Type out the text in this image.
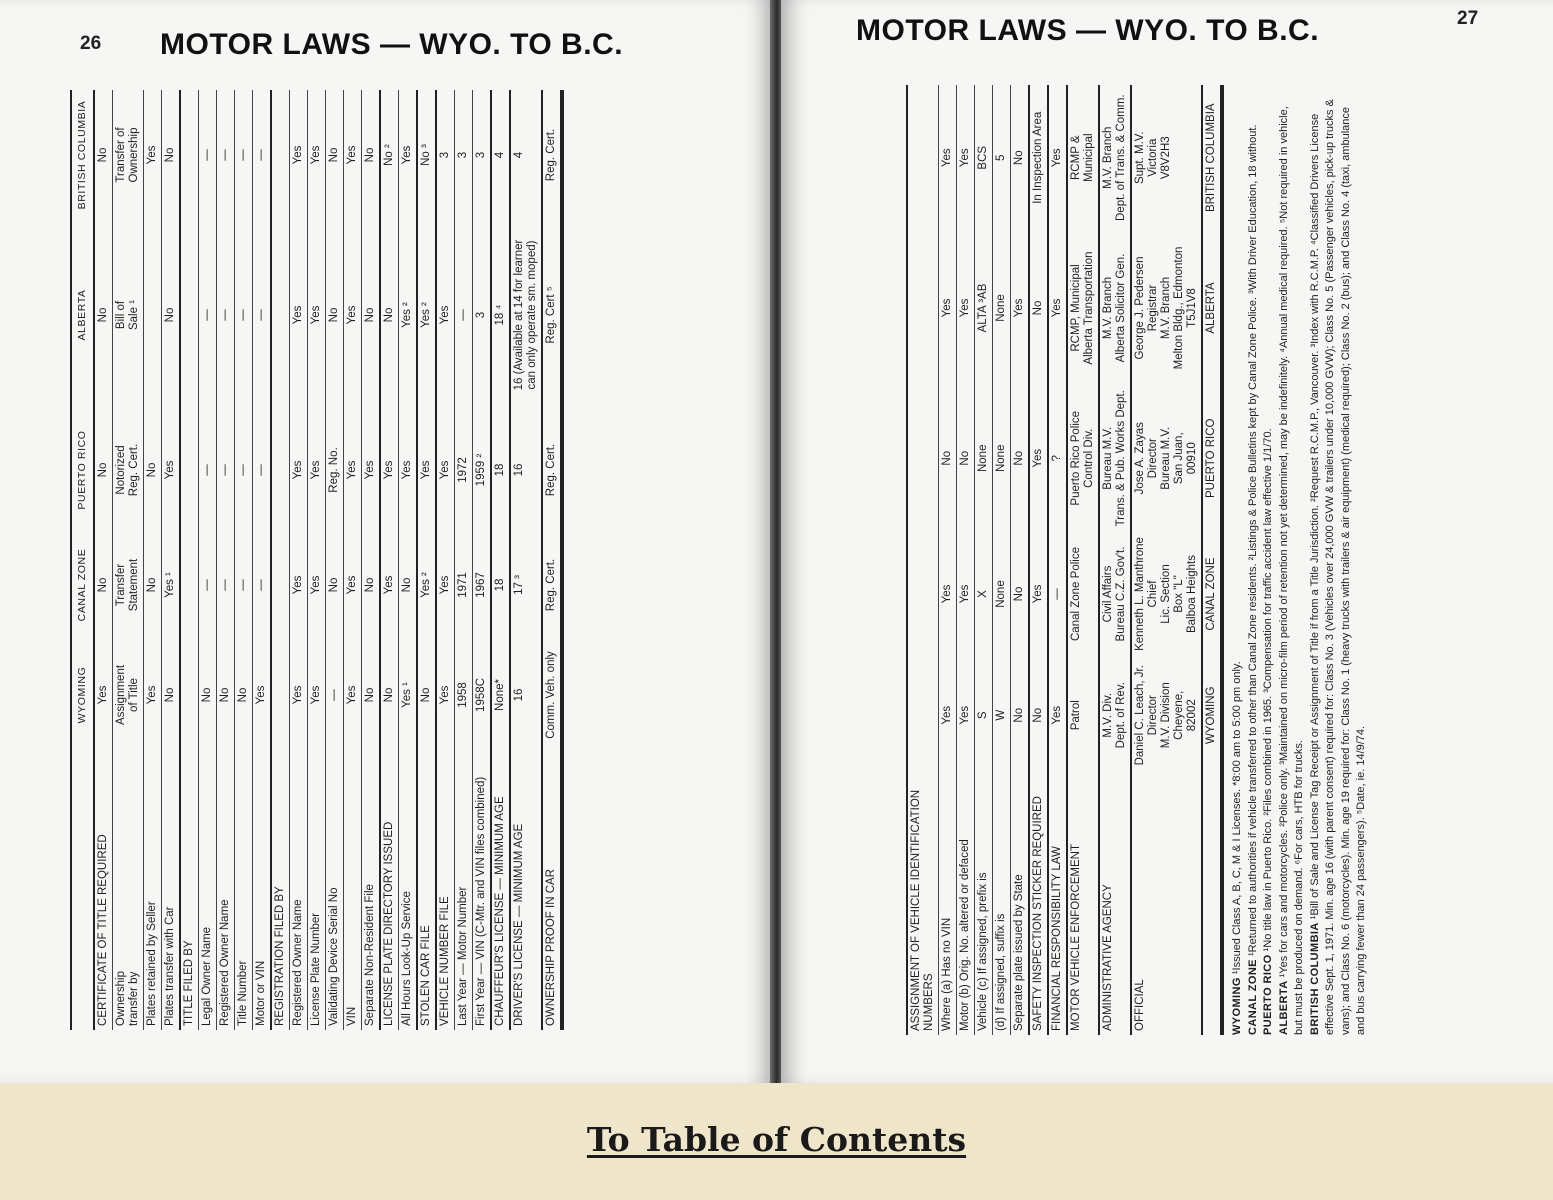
26 MOTOR LAWS — WYO. TO B.C.
WYOMING
CANAL ZONE
PUERTO RICO
ALBERTA
BRITISH COLUMBIA
CERTIFICATE OF TITLE REQUIRED
Yes
No
No
No
No
Ownership
transfer by
Assignment
of Title
Transfer
Statement
Notorized
Reg. Cert.
Bill of
Sale ¹
Transfer of
Ownership
Plates retained by Seller
Yes
No
No
Yes
Plates transfer with Car
No
Yes ¹
Yes
No
No
TITLE FILED BY Legal Owner Name
No
—
—
—
—
Registered Owner Name
No
—
—
—
—
Title Number
No
—
—
—
—
Motor or VIN
Yes
—
—
—
—
REGISTRATION FILED BY Registered Owner Name
Yes
Yes
Yes
Yes
Yes
License Plate Number
Yes
Yes
Yes
Yes
Yes
Validating Device Serial No
—
No
Reg. No.
No
No
VIN
Yes
Yes
Yes
Yes
Yes
Separate Non-Resident File
No
No
Yes
No
No
LICENSE PLATE DIRECTORY ISSUED
No
Yes
Yes
No
No ²
All Hours Look-Up Service
Yes ¹
No
Yes
Yes ²
Yes
STOLEN CAR FILE
No
Yes ²
Yes
Yes ²
No ³
VEHICLE NUMBER FILE
Yes
Yes
Yes
Yes
3
Last Year — Motor Number
1958
1971
1972
—
3
First Year — VIN (C-Mtr. and VIN files combined)
1958C
1967
1959 ²
3
3
CHAUFFEUR'S LICENSE — MINIMUM AGE
None*
18
18
18 ⁴
4
DRIVER'S LICENSE — MINIMUM AGE
16
17 ³
16
16 (Available at 14 for learner
can only operate sm. moped)
4
OWNERSHIP PROOF IN CAR
Comm. Veh. only
Reg. Cert.
Reg. Cert.
Reg. Cert ⁵
Reg. Cert.
MOTOR LAWS — WYO. TO B.C.	27
ASSIGNMENT OF VEHICLE IDENTIFICATION NUMBERS Where (a) Has no VIN
Yes
Yes
No
Yes
Yes
Motor (b) Orig. No. altered or defaced
Yes
Yes
No
Yes
Yes
Vehicle (c) If assigned, prefix is
S
X
None
ALTA ³AB
BCS
(d) If assigned, suffix is
W
None
None
None
5
Separate plate issued by State
No
No
No
Yes
No
SAFETY INSPECTION STICKER REQUIRED
No
Yes
Yes
No
In Inspection Area
FINANCIAL RESPONSIBILITY LAW
Yes
—
?
Yes
Yes
MOTOR VEHICLE ENFORCEMENT
Patrol
Canal Zone Police
Puerto Rico Police
Control Div.
RCMP, Municipal
Alberta Transportation
RCMP &
Municipal
ADMINISTRATIVE AGENCY
M.V. Div.
Dept. of Rev.
Civil Affairs
Bureau C.Z. Gov't.
Bureau M.V.
Trans. & Pub. Works Dept.
M.V. Branch
Alberta Solicitor Gen.
M.V. Branch
Dept. of Trans. & Comm.
OFFICIAL
Daniel C. Leach, Jr.
Director
M.V. Division
Cheyene,
82002
Kenneth L. Manthrone
Chief
Lic. Section
Box "L"
Balboa Heights
Jose A. Zayas
Director
Bureau M.V.
San Juan,
00910
George J. Pedersen
Registrar
M.V. Branch
Melton Bldg., Edmonton
T5J1V8
Supt. M.V.
Victoria
V8V2H3
WYOMING
CANAL ZONE
PUERTO RICO
ALBERTA
BRITISH COLUMBIA
WYOMING ¹Issued Class A, B, C, M & I Licenses. *8:00 am to 5:00 pm only.
CANAL ZONE ¹Returned to authorities if vehicle transferred to other than Canal Zone residents. ²Listings & Police Bulletins kept by Canal Zone Police. ³With Driver Education, 18 without.
PUERTO RICO ¹No title law in Puerto Rico. ²Files combined in 1965. ³Compensation for traffic accident law effective 1/1/70.
ALBERTA ¹Yes for cars and motorcycles. ²Police only. ³Maintained on micro-film period of retention not yet determined, may be indefinitely. ⁴Annual medical required. ⁵Not required in vehicle, but must be produced on demand. ⁶For cars, HTB for trucks. BRITISH COLUMBIA ¹Bill of Sale and License Tag Receipt or Assignment of Title if from a Title Jurisdiction. ²Request R.C.M.P., Vancouver. ³Index with R.C.M.P. ⁴Classified Drivers License effective Sept. 1, 1971. Min. age 16 (with parent consent) required for: Class No. 3 (Vehicles over 24,000 GVW & trailers under 10,000 GVW); Class No. 5 (Passenger vehicles, pick-up trucks & vans); and Class No. 6 (motorcycles). Min. age 19 required for: Class No. 1 (heavy trucks with trailers & air equipment) (medical required); Class No. 2 (bus); and Class No. 4 (taxi, ambulance and bus carrying fewer than 24 passengers). ⁵Date, ie. 14/9/74.
To Table of Contents
